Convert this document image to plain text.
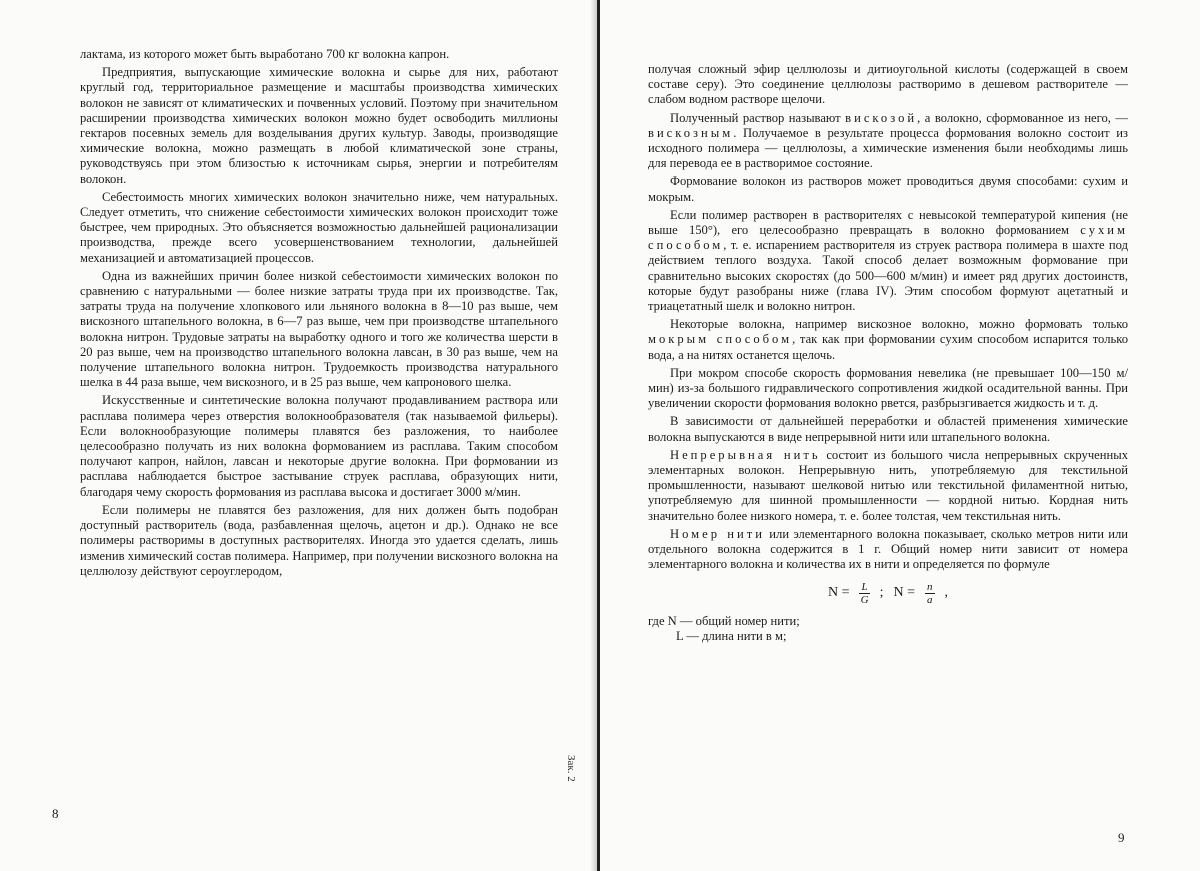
лактама, из которого может быть выработано 700 кг волокна капрон.

Предприятия, выпускающие химические волокна и сырье для них, работают круглый год, территориальное размещение и масштабы производства химических волокон не зависят от климатических и почвенных условий. Поэтому при значительном расширении производства химических волокон можно будет освободить миллионы гектаров посевных земель для возделывания других культур. Заводы, производящие химические волокна, можно размещать в любой климатической зоне страны, руководствуясь при этом близостью к источникам сырья, энергии и потребителям волокон.

Себестоимость многих химических волокон значительно ниже, чем натуральных. Следует отметить, что снижение себестоимости химических волокон происходит тоже быстрее, чем природных. Это объясняется возможностью дальнейшей рационализации производства, прежде всего усовершенствованием технологии, дальнейшей механизацией и автоматизацией процессов.

Одна из важнейших причин более низкой себестоимости химических волокон по сравнению с натуральными — более низкие затраты труда при их производстве. Так, затраты труда на получение хлопкового или льняного волокна в 8—10 раз выше, чем вискозного штапельного волокна, в 6—7 раз выше, чем при производстве штапельного волокна нитрон. Трудовые затраты на выработку одного и того же количества шерсти в 20 раз выше, чем на производство штапельного волокна лавсан, в 30 раз выше, чем на получение штапельного волокна нитрон. Трудоемкость производства натурального шелка в 44 раза выше, чем вискозного, и в 25 раз выше, чем капронового шелка.

Искусственные и синтетические волокна получают продавливанием раствора или расплава полимера через отверстия волокнообразователя (так называемой фильеры). Если волокнообразующие полимеры плавятся без разложения, то наиболее целесообразно получать из них волокна формованием из расплава. Таким способом получают капрон, найлон, лавсан и некоторые другие волокна. При формовании из расплава наблюдается быстрое застывание струек расплава, образующих нити, благодаря чему скорость формования из расплава высока и достигает 3000 м/мин.

Если полимеры не плавятся без разложения, для них должен быть подобран доступный растворитель (вода, разбавленная щелочь, ацетон и др.). Однако не все полимеры растворимы в доступных растворителях. Иногда это удается сделать, лишь изменив химический состав полимера. Например, при получении вискозного волокна на целлюлозу действуют сероуглеродом,

8
Зак. 2

получая сложный эфир целлюлозы и дитиоугольной кислоты (содержащей в своем составе серу). Это соединение целлюлозы растворимо в дешевом растворителе — слабом водном растворе щелочи.

Полученный раствор называют вискозой, а волокно, сформованное из него, — вискозным. Получаемое в результате процесса формования волокно состоит из исходного полимера — целлюлозы, а химические изменения были необходимы лишь для перевода ее в растворимое состояние.

Формование волокон из растворов может проводиться двумя способами: сухим и мокрым.

Если полимер растворен в растворителях с невысокой температурой кипения (не выше 150°), его целесообразно превращать в волокно формованием сухим способом, т. е. испарением растворителя из струек раствора полимера в шахте под действием теплого воздуха. Такой способ делает возможным формование при сравнительно высоких скоростях (до 500—600 м/мин) и имеет ряд других достоинств, которые будут разобраны ниже (глава IV). Этим способом формуют ацетатный и триацетатный шелк и волокно нитрон.

Некоторые волокна, например вискозное волокно, можно формовать только мокрым способом, так как при формовании сухим способом испарится только вода, а на нитях останется щелочь.

При мокром способе скорость формования невелика (не превышает 100—150 м/мин) из-за большого гидравлического сопротивления жидкой осадительной ванны. При увеличении скорости формования волокно рвется, разбрызгивается жидкость и т. д.

В зависимости от дальнейшей переработки и областей применения химические волокна выпускаются в виде непрерывной нити или штапельного волокна.

Непрерывная нить состоит из большого числа непрерывных скрученных элементарных волокон. Непрерывную нить, употребляемую для текстильной промышленности, называют шелковой нитью или текстильной филаментной нитью, употребляемую для шинной промышленности — кордной нитью. Кордная нить значительно более низкого номера, т. е. более толстая, чем текстильная нить.

Номер нити или элементарного волокна показывает, сколько метров нити или отдельного волокна содержится в 1 г. Общий номер нити зависит от номера элементарного волокна и количества их в нити и определяется по формуле

$N = \frac{L}{G}$ ; $N = \frac{n}{a}$ ,

где N — общий номер нити;

L — длина нити в м;

9
